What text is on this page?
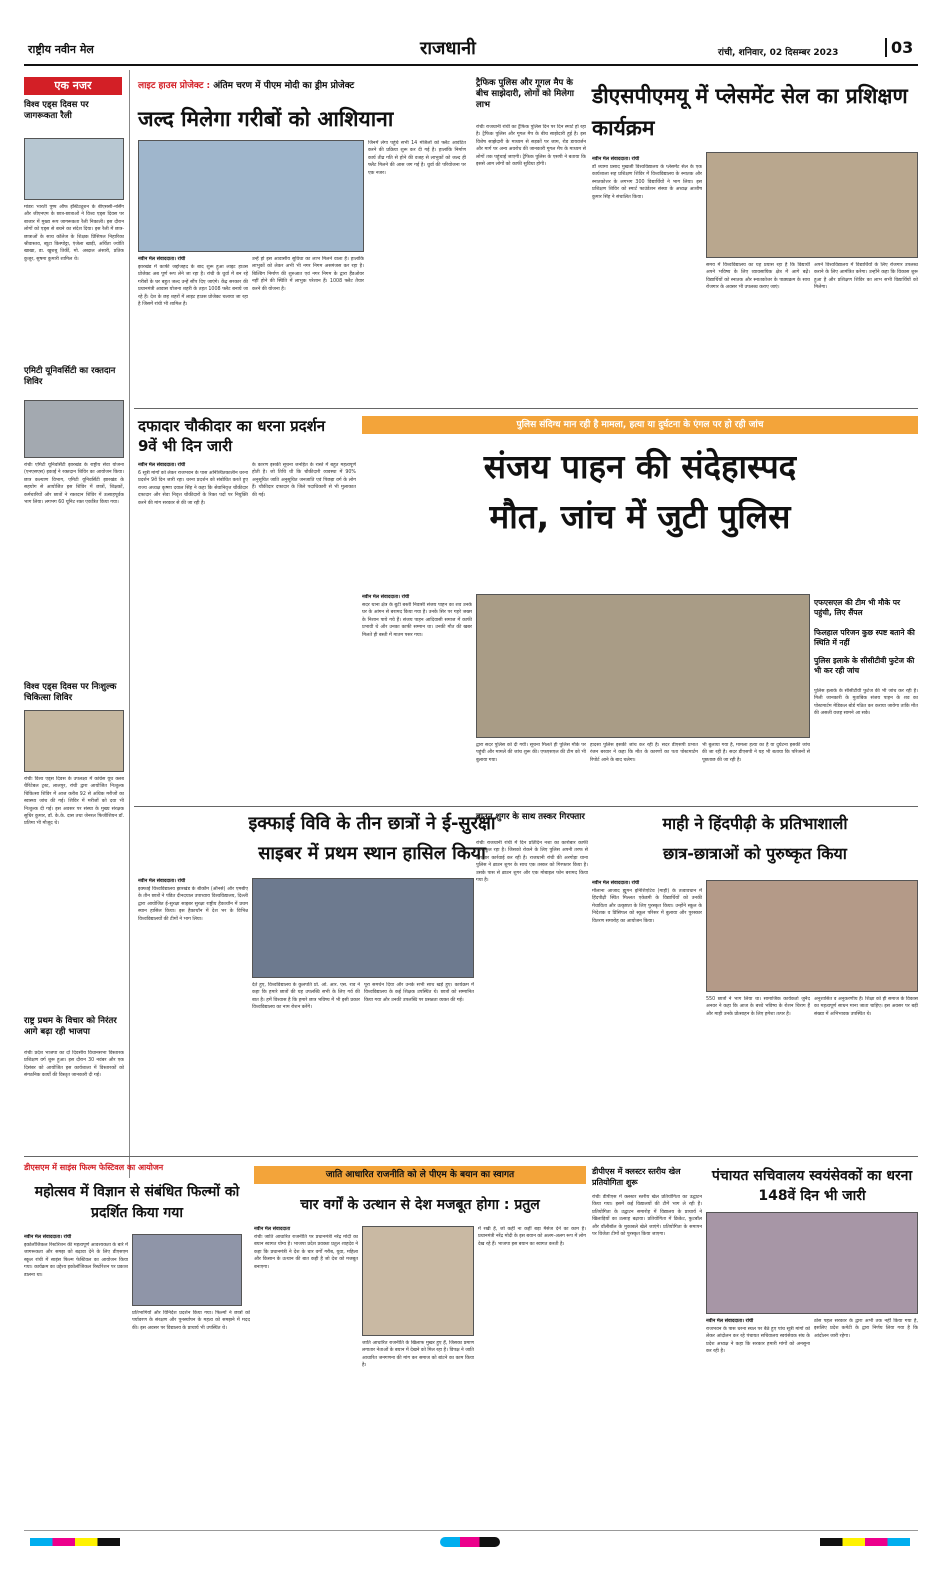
राष्ट्रीय नवीन मेल	राजधानी	रांची, शनिवार, 02 दिसम्बर 2023	03
एक नजर
विश्व एड्स दिवस पर जागरूकता रैली
मांडरः भारती पुष्प ऑफ इंस्टिट्यूशन के बीएससी-नर्सिंग और जीएनएम के छात्र-छात्राओं ने विश्व एड्स दिवस पर बाजार में मुख्य रूप जागरूकता रैली निकाली। इस दौरान लोगों को एड्स से बचने का संदेश दिया। इस रैली में छात्र-छात्राओं के साथ कॉलेज के शिक्षक प्रिंसिपल निहारिका श्रीवास्तव, ब्यूटा किस्पोट्टा, एंजेला खाड़ी, अर्चिता ज्योति खाखा, डा. खुशबू तिर्की, मो. अब्दाल अंसारी, प्रतिक कुजूर, सुषमा कुमारी शामिल थे।
एमिटी यूनिवर्सिटी का रक्तदान शिविर
रांचीः एमिटी यूनिवर्सिटी झारखंड के राष्ट्रीय सेवा योजना (एनएसएस) इकाई ने रक्तदान शिविर का आयोजन किया। छात्र कल्याण विभाग, एमिटी यूनिवर्सिटी झारखंड के सहयोग से आयोजित इस शिविर में छात्रों, शिक्षकों, कर्मचारियों और छात्रों ने रक्तदान शिविर में उत्साहपूर्वक भाग लिया। लगभग 60 यूनिट रक्त एकत्रित किया गया।
विश्व एड्स दिवस पर निःशुल्क चिकित्सा शिविर
रांचीः विश्व एड्स दिवस के उपलक्ष्य में कांग्रेस यूथ क्लब चैरिटेबल ट्रस्ट, लालपुर, रांची द्वारा आयोजित निःशुल्क चिकित्सा शिविर में आज करीब 92 से अधिक मरीजों का स्वास्थ्य जांच की गई। शिविर में मरीजों को दवा भी निःशुल्क दी गई। इस अवसर पर संस्था के मुख्य संरक्षक सुधिर कुमार, डॉ. के.के. दास तथा जेनरल फिजीशियन डॉ. प्रतिमा भी मौजूद थे।
राष्ट्र प्रथम के विचार को निरंतर आगे बढ़ा रही भाजपा
रांचीः प्रदेश भाजपा का दो दिवसीय विधानसभा विस्तारक प्रशिक्षण वर्ग शुरू हुआ। इस दौरान 30 नवंबर और एक दिसंबर को आयोजित इस कार्यशाला में विस्तारकों को संगठनिक कार्यों की विस्तृत जानकारी दी गई।
लाइट हाउस प्रोजेक्ट : अंतिम चरण में पीएम मोदी का ड्रीम प्रोजेक्ट
जल्द मिलेगा गरीबों को आशियाना
नवीन मेल संवाददाता। रांची
झारखंड में काफी जद्दोजहद के बाद शुरू हुआ लाइट हाउस प्रोजेक्ट अब पूर्ण रूप लेने जा रहा है। रांची के धुर्वा में बन रहे गरीबों के घर बहुत जल्द उन्हें सौंप दिए जाएंगे। केंद्र सरकार की प्रधानमंत्री आवास योजना शहरी के तहत 1008 फ्लैट बनाये जा रहे हैं। देश के छह शहरों में लाइट हाउस प्रोजेक्ट चलाया जा रहा है जिसमें रांची भी शामिल है।
उन्हें हो इस आवासीय सुविधा का लाभ मिलने वाला है। हालांकि लाभुकों को लेकर अभी भी नगर निगम असमंजस कर रहा है। बिल्डिंग निर्माण की शुरुआत एवं नगर निगम के द्वारा हैंडओवर नहीं होने की स्थिति में लाभुक परेशान हैं। 1008 फ्लैट तैयार करने की योजना है।
जिनमें लेगा पहुंचे सभी 14 मंजिलों को फ्लैट आवंटित करने की प्रक्रिया शुरू कर दी गई है। हालांकि निर्माण कार्य तीव्र गति से होने की वजह से लाभुकों को जल्द ही फ्लैट मिलने की आस जग गई है। धुर्वा की परियोजना पर एक नजर।
ट्रैफिक पुलिस और गूगल मैप के बीच साझेदारी, लोगों को मिलेगा लाभ
रांचीः राजधानी रांची का ट्रैफिक पुलिस दिन पर दिन स्मार्ट हो रहा है। ट्रैफिक पुलिस और गूगल मैप के बीच साझेदारी हुई है। इस विशेष साझेदारी के माध्यम से सड़कों पर जाम, रोड डायवर्जन और मार्ग पर अन्य अवरोध की जानकारी गूगल मैप के माध्यम से लोगों तक पहुंचाई जाएगी। ट्रैफिक पुलिस के एसपी ने बताया कि इससे आम लोगों को काफी सुविधा होगी।
डीएसपीएमयू में प्लेसमेंट सेल का प्रशिक्षण कार्यक्रम
नवीन मेल संवाददाता। रांची
डॉ श्यामा प्रसाद मुखर्जी विश्वविद्यालय के प्लेसमेंट सेल के एक कार्यशाला सह प्रशिक्षण शिविर में विश्वविद्यालय के स्नातक और स्नातकोत्तर के लगभग 300 विद्यार्थियों ने भाग लिया। इस प्रशिक्षण शिविर को स्मार्ट फाउंडेशन संस्था के अध्यक्ष आशीष कुमार सिंह ने संचालित किया।
समय में विश्वविद्यालय का यह प्रयास रहा है कि विद्यार्थी अपने भविष्य के लिए व्यावसायिक क्षेत्र में आगे बढ़ें। विद्यार्थियों को स्नातक और स्नातकोत्तर के पाठ्यक्रम के साथ रोजगार के अवसर भी उपलब्ध कराए जाएं।
अपने विश्वविद्यालय में विद्यार्थियों के लिए रोजगार उपलब्ध कराने के लिए आमंत्रित करेगा। उन्होंने कहा कि विकास शुरू हुआ है और प्रशिक्षण शिविर का लाभ सभी विद्यार्थियों को मिलेगा।
दफादार चौकीदार का धरना प्रदर्शन 9वें भी दिन जारी
नवीन मेल संवाददाता। रांची
6 सूत्री मांगों को लेकर राजभवन के पास अनिश्चितकालीन धरना प्रदर्शन 9वें दिन जारी रहा। धरना प्रदर्शन को संबोधित करते हुए राज्य अध्यक्ष कृष्णा दयाल सिंह ने कहा कि सेवानिवृत्त चौकीदार दफादार और सेवा निवृत्त चौकीदारों के रिक्त पदों पर नियुक्ति करने की मांग सरकार से की जा रही है।
के कारण इसकी सूचना जनहित के रास्ते में बहुत महत्वपूर्ण होती है। जो तिथि थी कि चौकीदारी व्यवस्था में 90% अनुसूचित जाति अनुसूचित जनजाति एवं पिछड़ा वर्ग के लोग हैं। चौकीदार दफादार के जिले पदाधिकारी से भी मुलाकात की गई।
पुलिस संदिग्ध मान रही है मामला, हत्या या दुर्घटना के एंगल पर हो रही जांच
संजय पाहन की संदेहास्पद
मौत, जांच में जुटी पुलिस
नवीन मेल संवाददाता। रांची
सदर थाना क्षेत्र के बुटी बस्ती निवासी संजय पाहन का शव उनके घर के आंगन से बरामद किया गया है। उनके सिर पर गहरे जख्म के निशान पाये गये हैं। संजय पाहन आदिवासी समाज में काफी प्रभावी थे और उनका काफी सम्मान था। उनकी मौत की खबर मिलते ही बस्ती में मातम पसर गया।
द्वारा सदर पुलिस को दी गयी। सूचना मिलते ही पुलिस मौके पर पहुंची और मामले की जांच शुरू की। एफएसएल की टीम को भी बुलाया गया।
हादसा पुलिस इसकी जांच कर रही है। सदर डीएसपी प्रभात रंजन बरवार ने कहा कि मौत के कारणों का पता पोस्टमार्टम रिपोर्ट आने के बाद चलेगा।
भी बुलाया गया है, मामला हत्या का है या दुर्घटना इसकी जांच की जा रही है। सदर डीएसपी ने यह भी बताया कि परिजनों से पूछताछ की जा रही है।
एफएसएल की टीम भी मौके पर पहुंची, लिए सैंपल
फिलहाल परिजन कुछ स्पष्ट बताने की स्थिति में नहीं
पुलिस इलाके के सीसीटीवी फुटेज की भी कर रही जांच
पुलिस इलाके के सीसीटीवी फुटेज की भी जांच कर रही है। मिली जानकारी के मुताबिक संजय पाहन के शव का पोस्टमार्टम मेडिकल बोर्ड गठित कर कराया जायेगा ताकि मौत की असली वजह सामने आ सके।
इक्फाई विवि के तीन छात्रों ने ई-सुरक्षा
साइबर में प्रथम स्थान हासिल किया
नवीन मेल संवाददाता। रांची
इक्फाई विश्वविद्यालय झारखंड के बीकॉम (ऑनर्स) और एमबीए के तीन छात्रों ने पंडित दीनदयाल उपाध्याय विश्वविद्यालय, दिल्ली द्वारा आयोजित ई-सुरक्षा साइबर सुरक्षा राष्ट्रीय हैकाथॉन में प्रथम स्थान हासिल किया। इस हैकाथॉन में देश भर के विभिन्न विश्वविद्यालयों की टीमों ने भाग लिया।
देते हुए, विश्वविद्यालय के कुलपति प्रो. ओ. आर. एस. राव ने कहा कि हमारे छात्रों की यह उपलब्धि सभी के लिए गर्व की बात है। हमें विश्वास है कि हमारे छात्र भविष्य में भी इसी प्रकार विश्वविद्यालय का नाम रोशन करेंगे।
पूरा समर्थन दिया और उनके सभी साथ खड़े हुए। कार्यक्रम में विश्वविद्यालय के कई शिक्षक उपस्थित थे। छात्रों को सम्मानित किया गया और उनकी उपलब्धि पर प्रसन्नता व्यक्त की गई।
ब्राउन शुगर के साथ तस्कर गिरफ्तार
रांचीः राजधानी रांची में दिन प्रतिदिन नशा का कारोबार काफी फल-फूल रहा है। जिसको रोकने के लिए पुलिस अपनी तरफ से लगातार कार्रवाई कर रही है। राजधानी रांची की अरगोड़ा थाना पुलिस ने ब्राउन शुगर के साथ एक तस्कर को गिरफ्तार किया है। उसके पास से ब्राउन शुगर और एक मोबाइल फोन बरामद किया गया है।
माही ने हिंदपीढ़ी के प्रतिभाशाली
छात्र-छात्राओं को पुरुष्कृत किया
नवीन मेल संवाददाता। रांची
मौलाना आजाद ह्यूमन इनिशिएटिव (माही) के तत्वावधान में हिंदपीढ़ी स्थित मिल्लत एकेडमी के विद्यार्थियों को उनकी मेधाविता और उत्कृष्टता के लिए पुरस्कृत किया। उन्होंने स्कूल के निदेशक व प्रिंसिपल को स्कूल परिसर में बुलाया और पुरस्कार वितरण समारोह का आयोजन किया।
550 छात्रों ने भाग लिया था। सामाजिक कार्यकर्ता जुनैद अनवर ने कहा कि आज के बच्चे भविष्य के रोशन चिराग हैं और माही उनके प्रोत्साहन के लिए हमेशा तत्पर है।
अनुशासित व अनुकरणीय है। शिक्षा को ही समाज के विकास का महत्वपूर्ण साधन माना जाता चाहिए। इस अवसर पर बड़ी संख्या में अभिभावक उपस्थित थे।
डीएसएम में साइंस फिल्म फेस्टिवल का आयोजन
महोत्सव में विज्ञान से संबंधित फिल्मों को प्रदर्शित किया गया
नवीन मेल संवाददाता। रांची
इकोलॉजिकल रिस्टोरेशन की महत्वपूर्ण आवश्यकता के बारे में जागरूकता और समझ को बढ़ावा देने के लिए डीएसएम स्कूल रांची में साइंस फिल्म फेस्टिवल का आयोजन किया गया। कार्यक्रम का उद्देश्य इकोलॉजिकल रिस्टोरेशन पर प्रकाश डालना था।
प्रतिभागियों और विनिर्देश प्रदर्शन किया गया। फिल्मों ने छात्रों को पर्यावरण के संरक्षण और पुनर्स्थापन के महत्व को समझने में मदद की। इस अवसर पर विद्यालय के प्राचार्य भी उपस्थित थे।
जाति आधारित राजनीति को ले पीएम के बयान का स्वागत
चार वर्गों के उत्थान से देश मजबूत होगा : प्रतुल
नवीन मेल संवाददाता
रांचीः जाति आधारित राजनीति पर प्रधानमंत्री नरेंद्र मोदी का बयान स्वागत योग्य है। भाजपा प्रदेश प्रवक्ता प्रतुल शाहदेव ने कहा कि प्रधानमंत्री ने देश के चार वर्गों गरीब, युवा, महिला और किसान के उत्थान की बात कही है जो देश को मजबूत बनाएगा।
जाति आधारित राजनीति के खिलाफ मुखर हुए हैं, जिसका प्रमाण लगातार नेताओं के बयान में देखने को मिल रहा है। विपक्ष ने जाति आधारित जनगणना की मांग कर समाज को बांटने का काम किया है।
में रखी है, जो कहीं ना कहीं बड़ा मैसेज देने का काम है। प्रधानमंत्री नरेंद्र मोदी के इस बयान को अलग-अलग रूप में लोग देख रहे हैं। भाजपा इस बयान का स्वागत करती है।
डीपीएस में क्लस्टर स्तरीय खेल प्रतियोगिता शुरू
रांचीः डीपीएस में क्लस्टर स्तरीय खेल प्रतियोगिता का उद्घाटन किया गया। इसमें कई विद्यालयों की टीमें भाग ले रही हैं। प्रतियोगिता के उद्घाटन समारोह में विद्यालय के प्राचार्य ने खिलाड़ियों का उत्साह बढ़ाया। प्रतियोगिता में क्रिकेट, फुटबॉल और वॉलीबॉल के मुकाबले खेले जाएंगे। प्रतियोगिता के समापन पर विजेता टीमों को पुरस्कृत किया जाएगा।
पंचायत सचिवालय स्वयंसेवकों का धरना 148वें दिन भी जारी
नवीन मेल संवाददाता। रांची
राजभवन के पास धरना स्थल पर बैठे हुए पांच सूत्री मांगों को लेकर आंदोलन कर रहे पंचायत सचिवालय स्वयंसेवक संघ के प्रदेश अध्यक्ष ने कहा कि सरकार हमारी मांगों को अनसुना कर रही है।
ठोस पहल सरकार के द्वारा अभी तक नहीं किया गया है, इसलिए प्रदेश कमेटी के द्वारा निर्णय लिया गया है कि आंदोलन जारी रहेगा।
